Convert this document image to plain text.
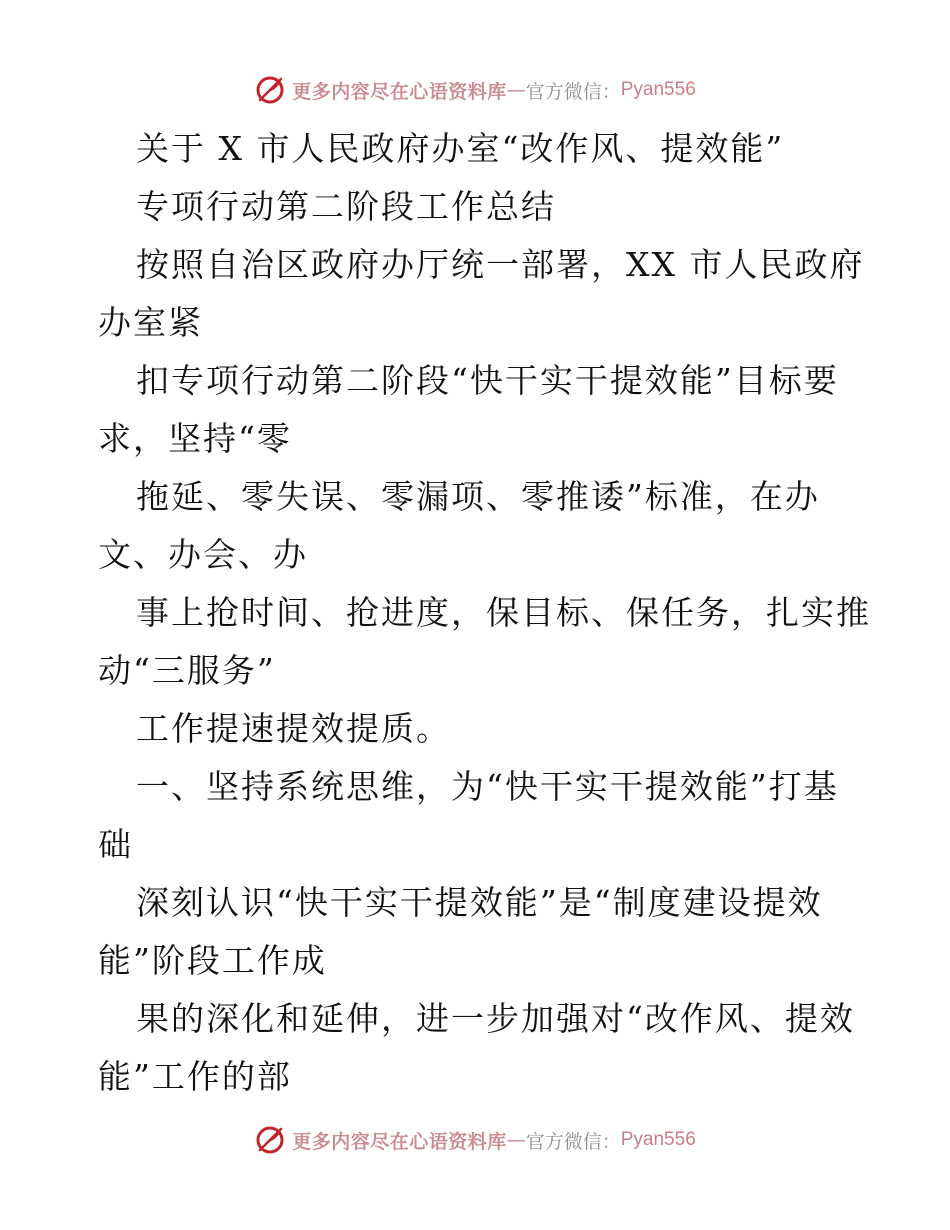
更多内容尽在心语资料库 — 官方微信： Pyan556
关于 X 市人民政府办室“改作风、提效能”
专项行动第二阶段工作总结
按照自治区政府办厅统一部署，XX 市人民政府
办室紧
扣专项行动第二阶段“快干实干提效能”目标要
求，坚持“零
拖延、零失误、零漏项、零推诿”标准，在办
文、办会、办
事上抢时间、抢进度，保目标、保任务，扎实推
动“三服务”
工作提速提效提质。
一、坚持系统思维，为“快干实干提效能”打基
础
深刻认识“快干实干提效能”是“制度建设提效
能”阶段工作成
果的深化和延伸，进一步加强对“改作风、提效
能”工作的部
更多内容尽在心语资料库 — 官方微信： Pyan556
